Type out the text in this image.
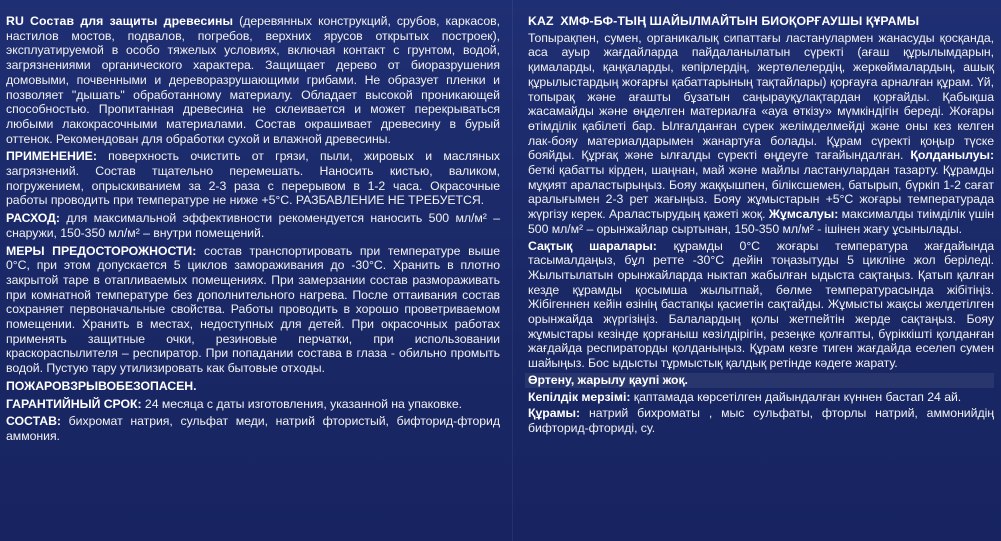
RU Состав для защиты древесины (деревянных конструкций, срубов, каркасов, настилов мостов, подвалов, погребов, верхних ярусов открытых построек), эксплуатируемой в особо тяжелых условиях, включая контакт с грунтом, водой, загрязнениями органического характера. Защищает дерево от биоразрушения домовыми, почвенными и дереворазрушающими грибами. Не образует пленки и позволяет "дышать" обработанному материалу. Обладает высокой проникающей способностью. Пропитанная древесина не склеивается и может перекрываться любыми лакокрасочными материалами. Состав окрашивает древесину в бурый оттенок. Рекомендован для обработки сухой и влажной древесины.

ПРИМЕНЕНИЕ: поверхность очистить от грязи, пыли, жировых и масляных загрязнений. Состав тщательно перемешать. Наносить кистью, валиком, погружением, опрыскиванием за 2-3 раза с перерывом в 1-2 часа. Окрасочные работы проводить при температуре не ниже +5°С. РАЗБАВЛЕНИЕ НЕ ТРЕБУЕТСЯ.

РАСХОД: для максимальной эффективности рекомендуется наносить 500 мл/м² – снаружи, 150-350 мл/м² – внутри помещений.

МЕРЫ ПРЕДОСТОРОЖНОСТИ: состав транспортировать при температуре выше 0°С, при этом допускается 5 циклов замораживания до -30°С. Хранить в плотно закрытой таре в отапливаемых помещениях. При замерзании состав размораживать при комнатной температуре без дополнительного нагрева. После оттаивания состав сохраняет первоначальные свойства. Работы проводить в хорошо проветриваемом помещении. Хранить в местах, недоступных для детей. При окрасочных работах применять защитные очки, резиновые перчатки, при использовании краскораспылителя – респиратор. При попадании состава в глаза - обильно промыть водой. Пустую тару утилизировать как бытовые отходы.

ПОЖАРОВЗРЫВОБЕЗОПАСЕН.

ГАРАНТИЙНЫЙ СРОК: 24 месяца с даты изготовления, указанной на упаковке.

СОСТАВ: бихромат натрия, сульфат меди, натрий фтористый, бифторид-фторид аммония.

KAZ ХМФ-БФ-ТЫҢ ШАЙЫЛМАЙТЫН БИОҚОРҒАУШЫ ҚҰРАМЫ

Топырақпен, сумен, органикалық сипаттағы ластанулармен жанасуды қосқанда, аса ауыр жағдайларда пайдаланылатын сүректі (ағаш құрылымдарын, қималарды, қаңқаларды, көпірлердің, жертөлелердің, жеркөймалардың, ашық құрылыстардың жоғарғы қабаттарының тақтайлары) қорғауға арналған құрам. Үй, топырақ және ағашты бұзатын саңырауқұлақтардан қорғайды. Қабықша жасамайды және өңделген материалға «ауа өткізу» мүмкіндігін береді. Жоғары өтімділік қабілеті бар. Ылғалданған сүрек желімделмейді және оны кез келген лак-бояу материалдарымен жанартуға болады. Құрам сүректі қоңыр түске бояйды. Құрғақ және ылғалды сүректі өңдеуге тағайындалған. Қолданылуы: беткі қабатты кірден, шаңнан, май және майлы ластанулардан тазарту. Құрамды мұқият араластырыңыз. Бояу жаққышпен, біліксшемен, батырып, бүркіп 1-2 сағат аралығымен 2-3 рет жағыңыз. Бояу жұмыстарын +5°С жоғары температурада жүргізу керек. Араластырудың қажеті жоқ. Жұмсалуы: максималды тиімділік үшін 500 мл/м² – орынжайлар сыртынан, 150-350 мл/м² - ішінен жағу ұсынылады.

Сақтық шаралары: құрамды 0°С жоғары температура жағдайында тасымалдаңыз, бұл ретте -30°С дейін тоңазытуды 5 цикліне жол беріледі. Жылытылатын орынжайларда ныктап жабылған ыдыста сақтаңыз. Қатып қалған кезде құрамды қосымша жылытпай, бөлме температурасында жібітіңіз. Жібігеннен кейін өзінің бастапқы қасиетін сақтайды. Жұмысты жақсы желдетілген орынжайда жүргізіңіз. Балалардың қолы жетпейтін жерде сақтаңыз. Бояу жұмыстары кезінде қорғаныш көзілдірігін, резеңке қолғапты, бүріккішті қолданған жағдайда респираторды қолданыңыз. Құрам көзге тиген жағдайда еселеп сумен шайыңыз. Бос ыдысты тұрмыстық қалдық ретінде кәдеге жарату.

Өртену, жарылу қаупі жоқ.

Кепілдік мерзімі: қаптамада көрсетілген дайындалған күннен бастап 24 ай.

Құрамы: натрий бихроматы , мыс сульфаты, фторлы натрий, аммонийдің бифторид-фториді, су.
